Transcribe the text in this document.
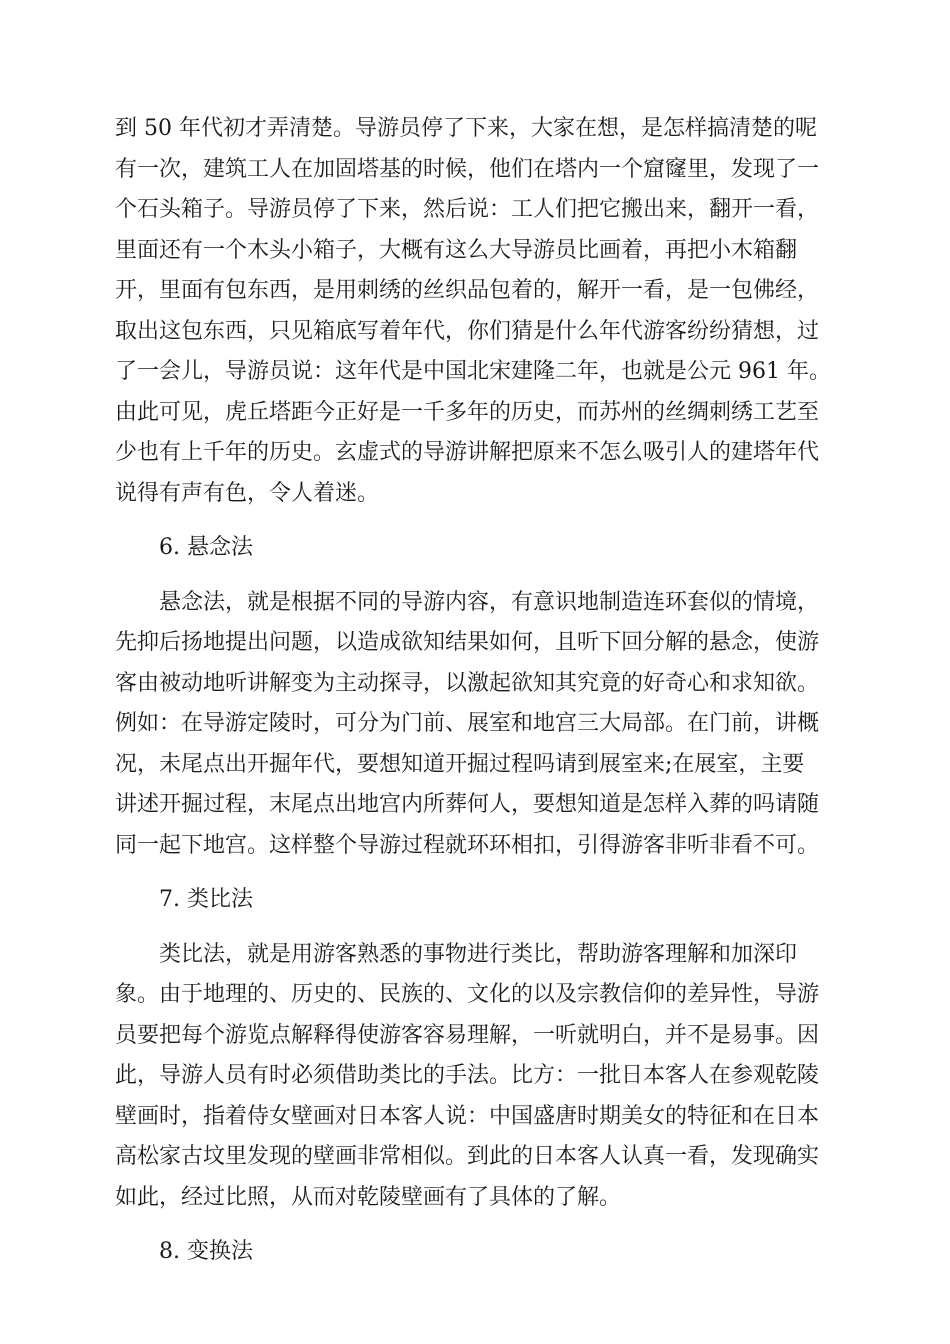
到 50 年代初才弄清楚。导游员停了下来，大家在想，是怎样搞清楚的呢

有一次，建筑工人在加固塔基的时候，他们在塔内一个窟窿里，发现了一

个石头箱子。导游员停了下来，然后说：工人们把它搬出来，翻开一看，

里面还有一个木头小箱子，大概有这么大导游员比画着，再把小木箱翻

开，里面有包东西，是用刺绣的丝织品包着的，解开一看，是一包佛经，

取出这包东西，只见箱底写着年代，你们猜是什么年代游客纷纷猜想，过

了一会儿，导游员说：这年代是中国北宋建隆二年，也就是公元 961 年。

由此可见，虎丘塔距今正好是一千多年的历史，而苏州的丝绸刺绣工艺至

少也有上千年的历史。玄虚式的导游讲解把原来不怎么吸引人的建塔年代

说得有声有色，令人着迷。

6. 悬念法

悬念法，就是根据不同的导游内容，有意识地制造连环套似的情境，

先抑后扬地提出问题，以造成欲知结果如何，且听下回分解的悬念，使游

客由被动地听讲解变为主动探寻，以激起欲知其究竟的好奇心和求知欲。

例如：在导游定陵时，可分为门前、展室和地宫三大局部。在门前，讲概

况，未尾点出开掘年代，要想知道开掘过程吗请到展室来;在展室，主要

讲述开掘过程，末尾点出地宫内所葬何人，要想知道是怎样入葬的吗请随

同一起下地宫。这样整个导游过程就环环相扣，引得游客非听非看不可。

7. 类比法

类比法，就是用游客熟悉的事物进行类比，帮助游客理解和加深印

象。由于地理的、历史的、民族的、文化的以及宗教信仰的差异性，导游

员要把每个游览点解释得使游客容易理解，一听就明白，并不是易事。因

此，导游人员有时必须借助类比的手法。比方：一批日本客人在参观乾陵

壁画时，指着侍女壁画对日本客人说：中国盛唐时期美女的特征和在日本

高松家古坟里发现的壁画非常相似。到此的日本客人认真一看，发现确实

如此，经过比照，从而对乾陵壁画有了具体的了解。

8. 变换法
